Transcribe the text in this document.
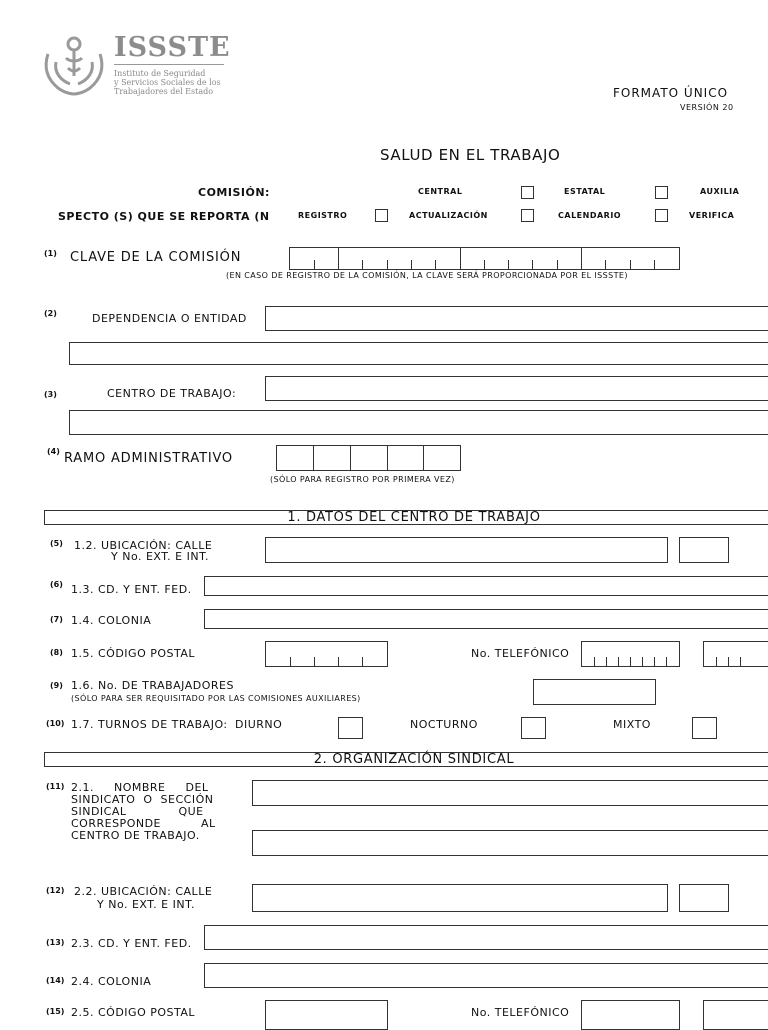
ISSSTE
Instituto de Seguridad
y Servicios Sociales de los
Trabajadores del Estado	FORMATO ÚNICO
VERSIÓN 20
SALUD EN EL TRABAJO
COMISIÓN:	CENTRAL	ESTATAL	AUXILIA
SPECTO (S) QUE SE REPORTA (N	REGISTRO	ACTUALIZACIÓN	CALENDARIO	VERIFICA
(1) CLAVE DE LA COMISIÓN
(EN CASO DE REGISTRO DE LA COMISIÓN, LA CLAVE SERÁ PROPORCIONADA POR EL ISSSTE)
(2)	DEPENDENCIA O ENTIDAD
(3)	CENTRO DE TRABAJO:
(4) RAMO ADMINISTRATIVO
(SÓLO PARA REGISTRO POR PRIMERA VEZ)
1. DATOS DEL CENTRO DE TRABAJO
(5) 1.2. UBICACIÓN: CALLE
Y No. EXT. E INT.
(6) 1.3. CD. Y ENT. FED.
(7) 1.4. COLONIA
(8) 1.5. CÓDIGO POSTAL	No. TELEFÓNICO
(9) 1.6. No. DE TRABAJADORES
(SÓLO PARA SER REQUISITADO POR LAS COMISIONES AUXILIARES)
(10) 1.7. TURNOS DE TRABAJO: DIURNO	NOCTURNO	MIXTO
2. ORGANIZACIÓN SINDICAL
(11) 2.1.     NOMBRE     DEL
SINDICATO  O  SECCIÓN
SINDICAL             QUE
CORRESPONDE          AL
CENTRO DE TRABAJO.
(12) 2.2. UBICACIÓN: CALLE
Y No. EXT. E INT.
(13) 2.3. CD. Y ENT. FED.
(14) 2.4. COLONIA
(15) 2.5. CÓDIGO POSTAL	No. TELEFÓNICO
